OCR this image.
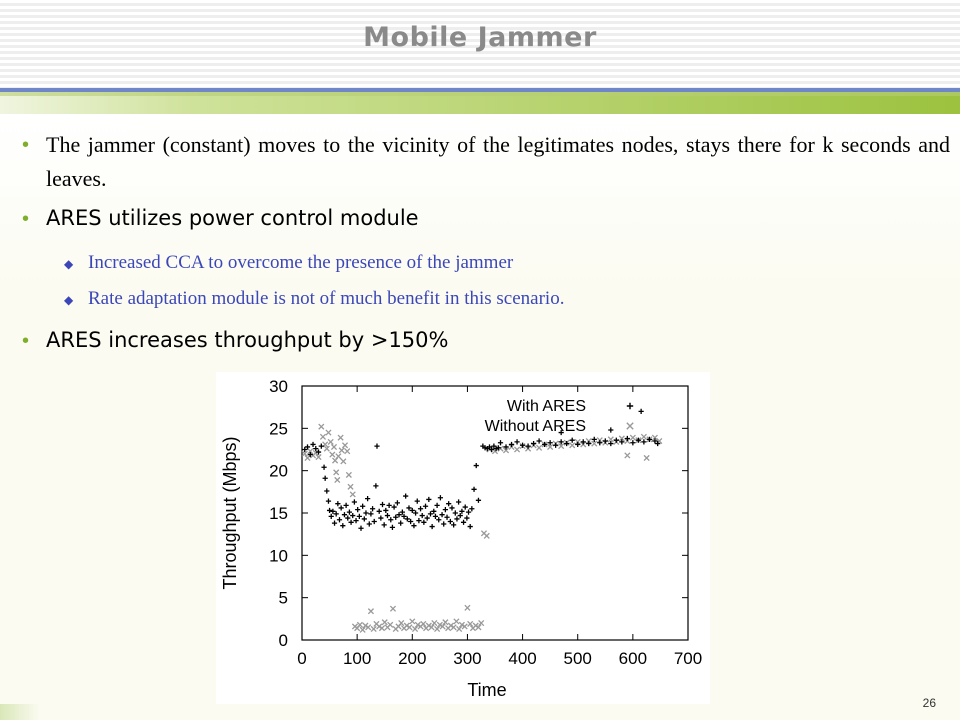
Mobile Jammer
• The jammer (constant) moves to the vicinity of the legitimates nodes, stays there for k seconds and leaves.
• ARES utilizes power control module
◆ Increased CCA to overcome the presence of the jammer
◆ Rate adaptation module is not of much benefit in this scenario.
• ARES increases throughput by >150%
0 100 200 300 400 500 600 700
0
5
10
15
20
25
30
Time
Throughput (Mbps)
With ARES
Without ARES
26
